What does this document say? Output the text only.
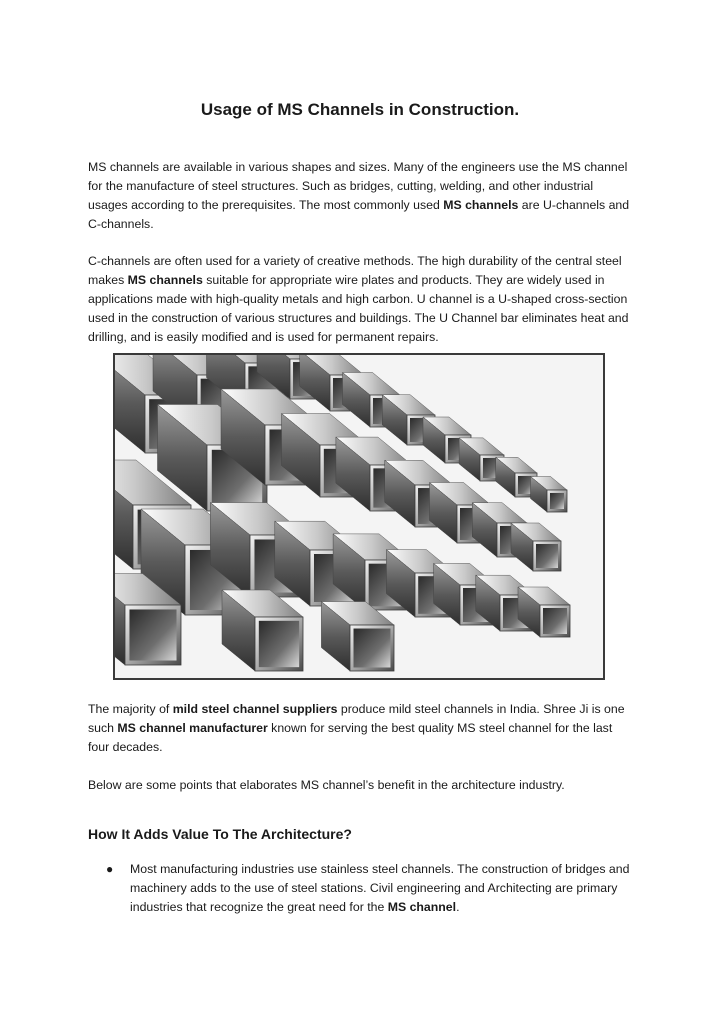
Usage of MS Channels in Construction.

MS channels are available in various shapes and sizes. Many of the engineers use the MS channel for the manufacture of steel structures. Such as bridges, cutting, welding, and other industrial usages according to the prerequisites. The most commonly used MS channels are U-channels and C-channels.

C-channels are often used for a variety of creative methods. The high durability of the central steel makes MS channels suitable for appropriate wire plates and products. They are widely used in applications made with high-quality metals and high carbon. U channel is a U-shaped cross-section used in the construction of various structures and buildings. The U Channel bar eliminates heat and drilling, and is easily modified and is used for permanent repairs.

The majority of mild steel channel suppliers produce mild steel channels in India. Shree Ji is one such MS channel manufacturer known for serving the best quality MS steel channel for the last four decades.

Below are some points that elaborates MS channel’s benefit in the architecture industry.

How It Adds Value To The Architecture?
● Most manufacturing industries use stainless steel channels. The construction of bridges and machinery adds to the use of steel stations. Civil engineering and Architecting are primary industries that recognize the great need for the MS channel.
